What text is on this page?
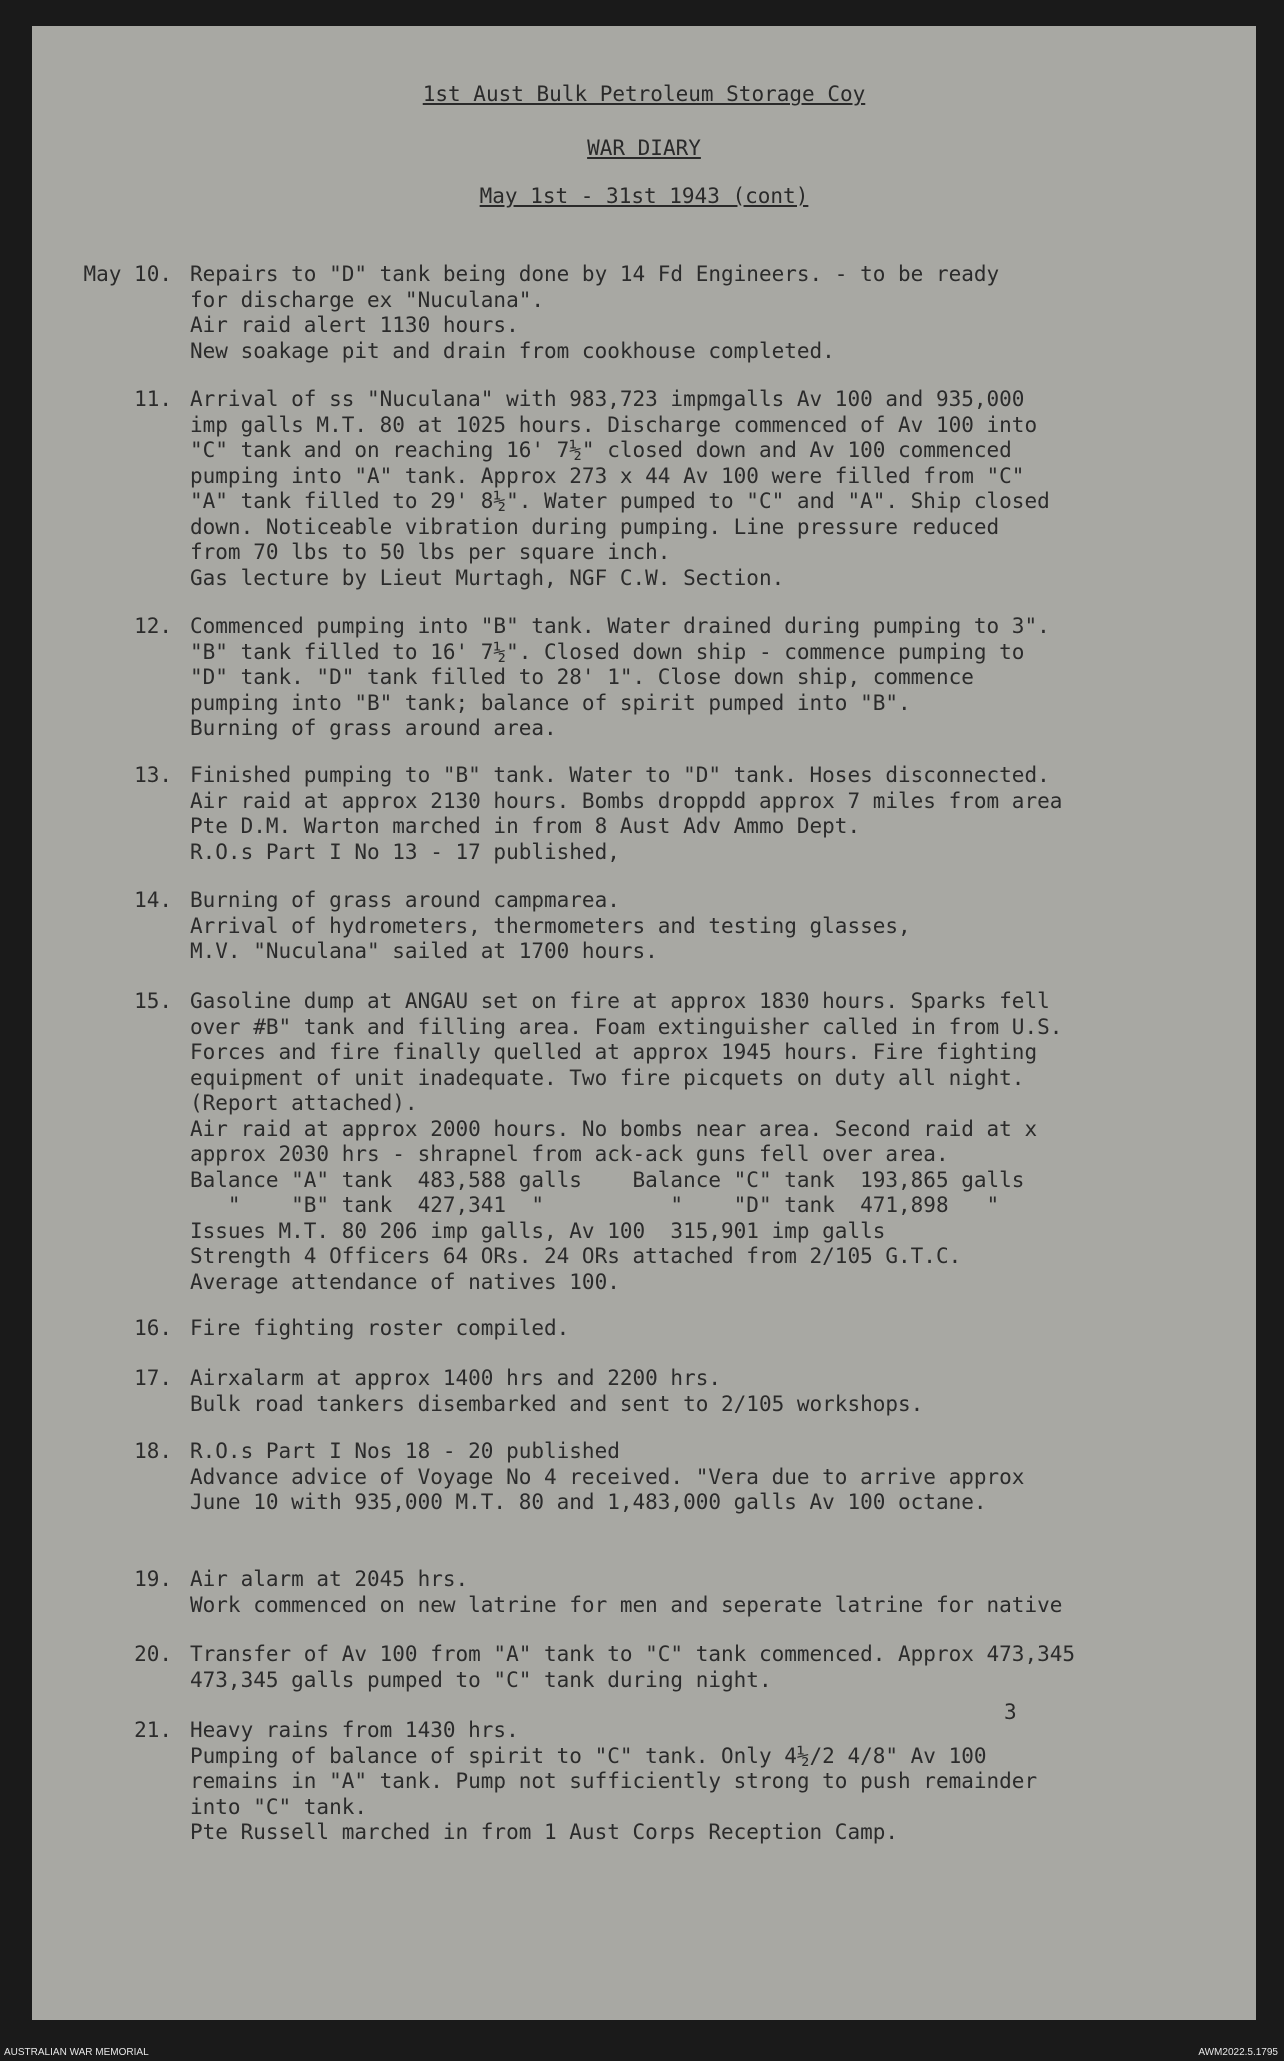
1st Aust Bulk Petroleum Storage Coy
WAR DIARY
May 1st - 31st 1943 (cont)
May 10. Repairs to "D" tank being done by 14 Fd Engineers. - to be ready
for discharge ex "Nuculana".
Air raid alert 1130 hours.
New soakage pit and drain from cookhouse completed.
11. Arrival of ss "Nuculana" with 983,723 impmgalls Av 100 and 935,000
imp galls M.T. 80 at 1025 hours. Discharge commenced of Av 100 into
"C" tank and on reaching 16' 7½" closed down and Av 100 commenced
pumping into "A" tank. Approx 273 x 44 Av 100 were filled from "C"
"A" tank filled to 29' 8½". Water pumped to "C" and "A". Ship closed
down. Noticeable vibration during pumping. Line pressure reduced
from 70 lbs to 50 lbs per square inch.
Gas lecture by Lieut Murtagh, NGF C.W. Section.
12. Commenced pumping into "B" tank. Water drained during pumping to 3".
"B" tank filled to 16' 7½". Closed down ship - commence pumping to
"D" tank. "D" tank filled to 28' 1". Close down ship, commence
pumping into "B" tank; balance of spirit pumped into "B".
Burning of grass around area.
13. Finished pumping to "B" tank. Water to "D" tank. Hoses disconnected.
Air raid at approx 2130 hours. Bombs droppdd approx 7 miles from area
Pte D.M. Warton marched in from 8 Aust Adv Ammo Dept.
R.O.s Part I No 13 - 17 published,
14. Burning of grass around campmarea.
Arrival of hydrometers, thermometers and testing glasses,
M.V. "Nuculana" sailed at 1700 hours.
15. Gasoline dump at ANGAU set on fire at approx 1830 hours. Sparks fell
over #B" tank and filling area. Foam extinguisher called in from U.S.
Forces and fire finally quelled at approx 1945 hours. Fire fighting
equipment of unit inadequate. Two fire picquets on duty all night.
(Report attached).
Air raid at approx 2000 hours. No bombs near area. Second raid at x
approx 2030 hrs - shrapnel from ack-ack guns fell over area.
Balance "A" tank  483,588 galls    Balance "C" tank  193,865 galls
"    "B" tank  427,341  "          "    "D" tank  471,898   "
Issues M.T. 80 206 imp galls, Av 100  315,901 imp galls
Strength 4 Officers 64 ORs. 24 ORs attached from 2/105 G.T.C.
Average attendance of natives 100.
16. Fire fighting roster compiled.
17. Airxalarm at approx 1400 hrs and 2200 hrs.
Bulk road tankers disembarked and sent to 2/105 workshops.
18. R.O.s Part I Nos 18 - 20 published
Advance advice of Voyage No 4 received. "Vera due to arrive approx
June 10 with 935,000 M.T. 80 and 1,483,000 galls Av 100 octane.
19. Air alarm at 2045 hrs.
Work commenced on new latrine for men and seperate latrine for native
20. Transfer of Av 100 from "A" tank to "C" tank commenced. Approx 473,345
473,345 galls pumped to "C" tank during night.
21. Heavy rains from 1430 hrs.
Pumping of balance of spirit to "C" tank. Only 4½/2 4/8" Av 100
remains in "A" tank. Pump not sufficiently strong to push remainder
into "C" tank.
Pte Russell marched in from 1 Aust Corps Reception Camp.
3
AUSTRALIAN WAR MEMORIAL	AWM2022.5.1795
